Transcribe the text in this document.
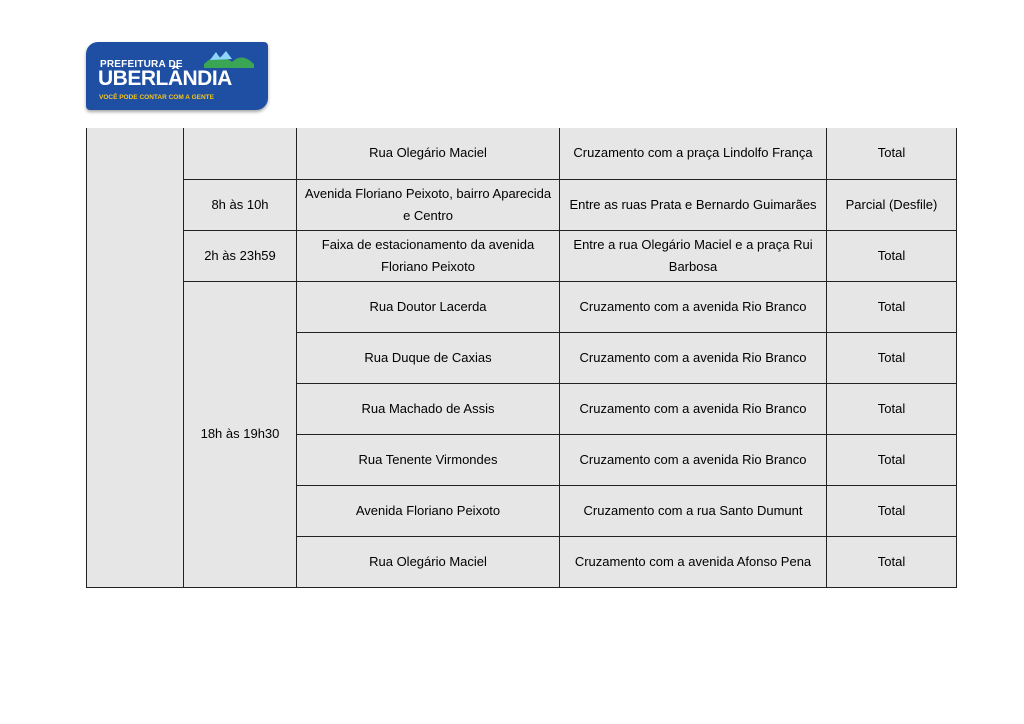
PREFEITURA DE
UBERLÂNDIA
VOCÊ PODE CONTAR COM A GENTE
		Rua Olegário Maciel	Cruzamento com a praça Lindolfo França	Total
	8h às 10h	Avenida Floriano Peixoto, bairro Aparecida e Centro	Entre as ruas Prata e Bernardo Guimarães	Parcial (Desfile)
	2h às 23h59	Faixa de estacionamento da avenida Floriano Peixoto	Entre a rua Olegário Maciel e a praça Rui Barbosa	Total
	18h às 19h30	Rua Doutor Lacerda	Cruzamento com a avenida Rio Branco	Total
		Rua Duque de Caxias	Cruzamento com a avenida Rio Branco	Total
		Rua Machado de Assis	Cruzamento com a avenida Rio Branco	Total
		Rua Tenente Virmondes	Cruzamento com a avenida Rio Branco	Total
		Avenida Floriano Peixoto	Cruzamento com a rua Santo Dumunt	Total
		Rua Olegário Maciel	Cruzamento com a avenida Afonso Pena	Total
